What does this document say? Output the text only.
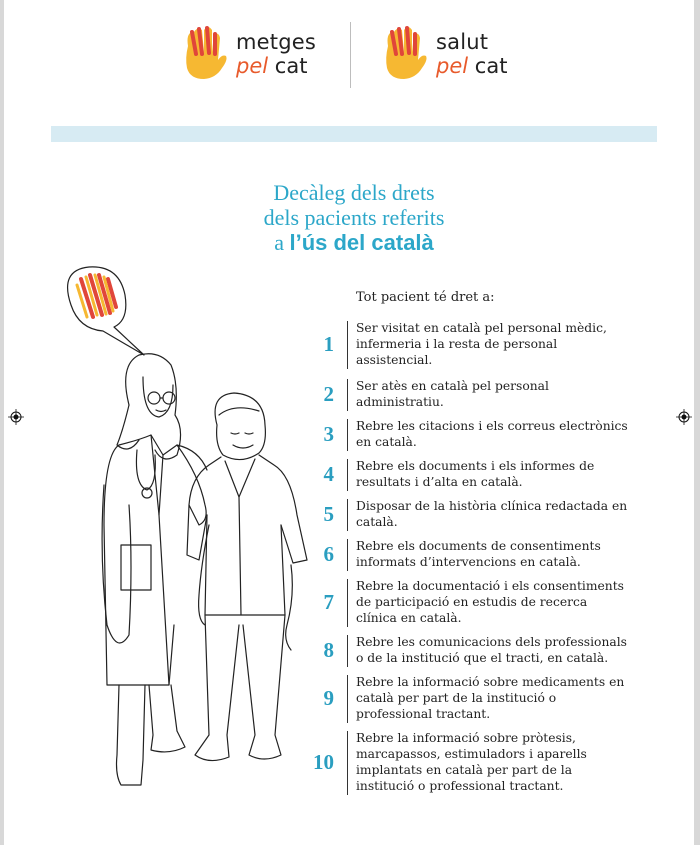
metges
pel cat
salut
pel cat
Decàleg dels drets
dels pacients referits
a l’ús del català
Tot pacient té dret a:
1
Ser visitat en català pel personal mèdic, infermeria i la resta de personal assistencial.
2 Ser atès en català pel personal administratiu.
3 Rebre les citacions i els correus electrònics en català.
4 Rebre els documents i els informes de resultats i d’alta en català.
5 Disposar de la història clínica redactada en català.
6 Rebre els documents de consentiments informats d’intervencions en català.
7
Rebre la documentació i els consentiments de participació en estudis de recerca clínica en català.
8 Rebre les comunicacions dels professionals o de la institució que el tracti, en català.
9
Rebre la informació sobre medicaments en català per part de la institució o professional tractant.
10
Rebre la informació sobre pròtesis, marcapassos, estimuladors i aparells implantats en català per part de la institució o professional tractant.
